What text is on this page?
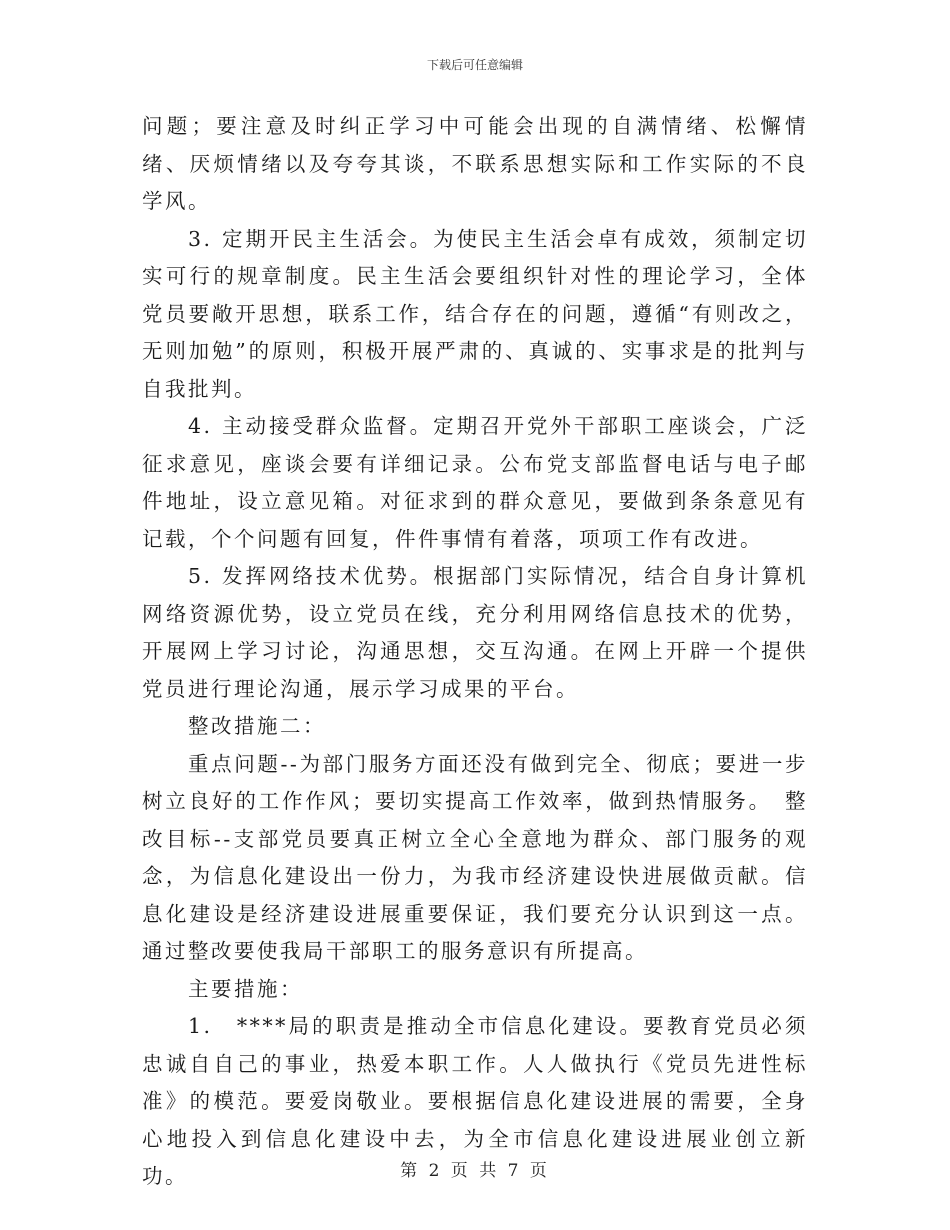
下载后可任意编辑

问题；要注意及时纠正学习中可能会出现的自满情绪、松懈情绪、厌烦情绪以及夸夸其谈，不联系思想实际和工作实际的不良学风。

3. 定期开民主生活会。为使民主生活会卓有成效，须制定切实可行的规章制度。民主生活会要组织针对性的理论学习，全体党员要敞开思想，联系工作，结合存在的问题，遵循“有则改之，无则加勉”的原则，积极开展严肃的、真诚的、实事求是的批判与自我批判。

4. 主动接受群众监督。定期召开党外干部职工座谈会，广泛征求意见，座谈会要有详细记录。公布党支部监督电话与电子邮件地址，设立意见箱。对征求到的群众意见，要做到条条意见有记载，个个问题有回复，件件事情有着落，项项工作有改进。

5. 发挥网络技术优势。根据部门实际情况，结合自身计算机网络资源优势，设立党员在线，充分利用网络信息技术的优势，开展网上学习讨论，沟通思想，交互沟通。在网上开辟一个提供党员进行理论沟通，展示学习成果的平台。

整改措施二：

重点问题--为部门服务方面还没有做到完全、彻底；要进一步树立良好的工作作风；要切实提高工作效率，做到热情服务。　整改目标--支部党员要真正树立全心全意地为群众、部门服务的观念，为信息化建设出一份力，为我市经济建设快进展做贡献。信息化建设是经济建设进展重要保证，我们要充分认识到这一点。通过整改要使我局干部职工的服务意识有所提高。

主要措施：

1.　****局的职责是推动全市信息化建设。要教育党员必须忠诚自自己的事业，热爱本职工作。人人做执行《党员先进性标准》的模范。要爱岗敬业。要根据信息化建设进展的需要，全身心地投入到信息化建设中去，为全市信息化建设进展业创立新功。	第 2 页 共 7 页
